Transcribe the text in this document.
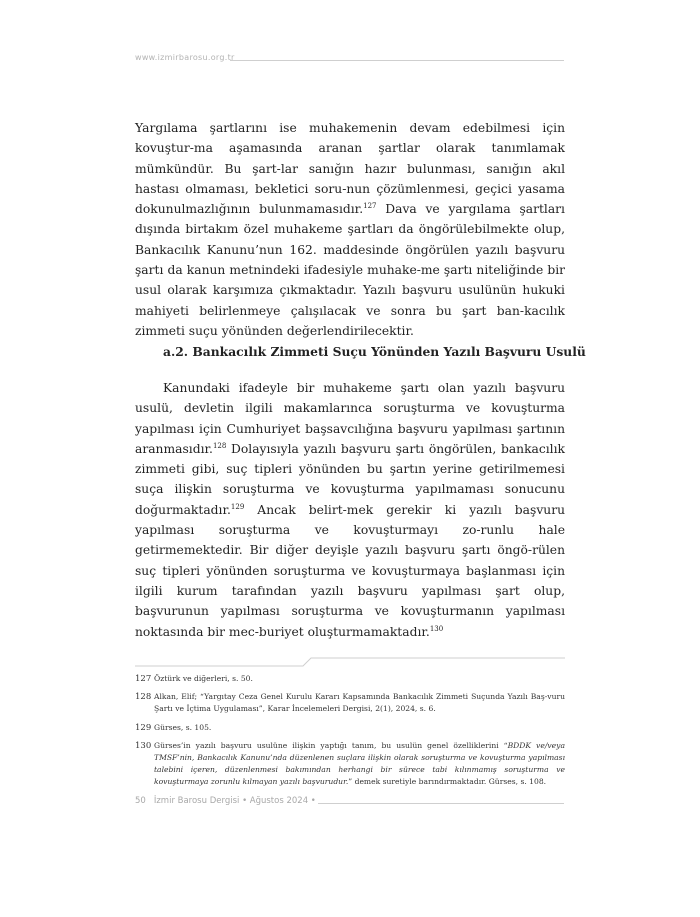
www.izmirbarosu.org.tr

Yargılama şartlarını ise muhakemenin devam edebilmesi için kovuştur-ma aşamasında aranan şartlar olarak tanımlamak mümkündür. Bu şart-lar sanığın hazır bulunması, sanığın akıl hastası olmaması, bekletici soru-nun çözümlenmesi, geçici yasama dokunulmazlığının bulunmamasıdır.$^{127}$ Dava ve yargılama şartları dışında birtakım özel muhakeme şartları da öngörülebilmekte olup, Bankacılık Kanunu’nun 162. maddesinde öngörülen yazılı başvuru şartı da kanun metnindeki ifadesiyle muhake-me şartı niteliğinde bir usul olarak karşımıza çıkmaktadır. Yazılı başvuru usulünün hukuki mahiyeti belirlenmeye çalışılacak ve sonra bu şart ban-kacılık zimmeti suçu yönünden değerlendirilecektir.

a.2. Bankacılık Zimmeti Suçu Yönünden Yazılı Başvuru Usulü

Kanundaki ifadeyle bir muhakeme şartı olan yazılı başvuru usulü, devletin ilgili makamlarınca soruşturma ve kovuşturma yapılması için Cumhuriyet başsavcılığına başvuru yapılması şartının aranmasıdır.$^{128}$ Dolayısıyla yazılı başvuru şartı öngörülen, bankacılık zimmeti gibi, suç tipleri yönünden bu şartın yerine getirilmemesi suça ilişkin soruşturma ve kovuşturma yapılmaması sonucunu doğurmaktadır.$^{129}$ Ancak belirt-mek gerekir ki yazılı başvuru yapılması soruşturma ve kovuşturmayı zo-runlu hale getirmemektedir. Bir diğer deyişle yazılı başvuru şartı öngö-rülen suç tipleri yönünden soruşturma ve kovuşturmaya başlanması için ilgili kurum tarafından yazılı başvuru yapılması şart olup, başvurunun yapılması soruşturma ve kovuşturmanın yapılması noktasında bir mec-buriyet oluşturmamaktadır.$^{130}$

127 Öztürk ve diğerleri, s. 50.
128 Alkan, Elif; “Yargıtay Ceza Genel Kurulu Kararı Kapsamında Bankacılık Zimmeti Suçunda Yazılı Baş-vuru Şartı ve İçtima Uygulaması”, Karar İncelemeleri Dergisi, 2(1), 2024, s. 6.
129 Gürses, s. 105.
130 Gürses’in yazılı başvuru usulüne ilişkin yaptığı tanım, bu usulün genel özelliklerini “BDDK ve/veya TMSF’nin, Bankacılık Kanunu’nda düzenlenen suçlara ilişkin olarak soruşturma ve kovuşturma yapılması talebini içeren, düzenlenmesi bakımından herhangi bir sürece tabi kılınmamış soruşturma ve kovuşturmaya zorunlu kılmayan yazılı başvurudur.” demek suretiyle barındırmaktadır. Gürses, s. 108.
50 İzmir Barosu Dergisi • Ağustos 2024 •
